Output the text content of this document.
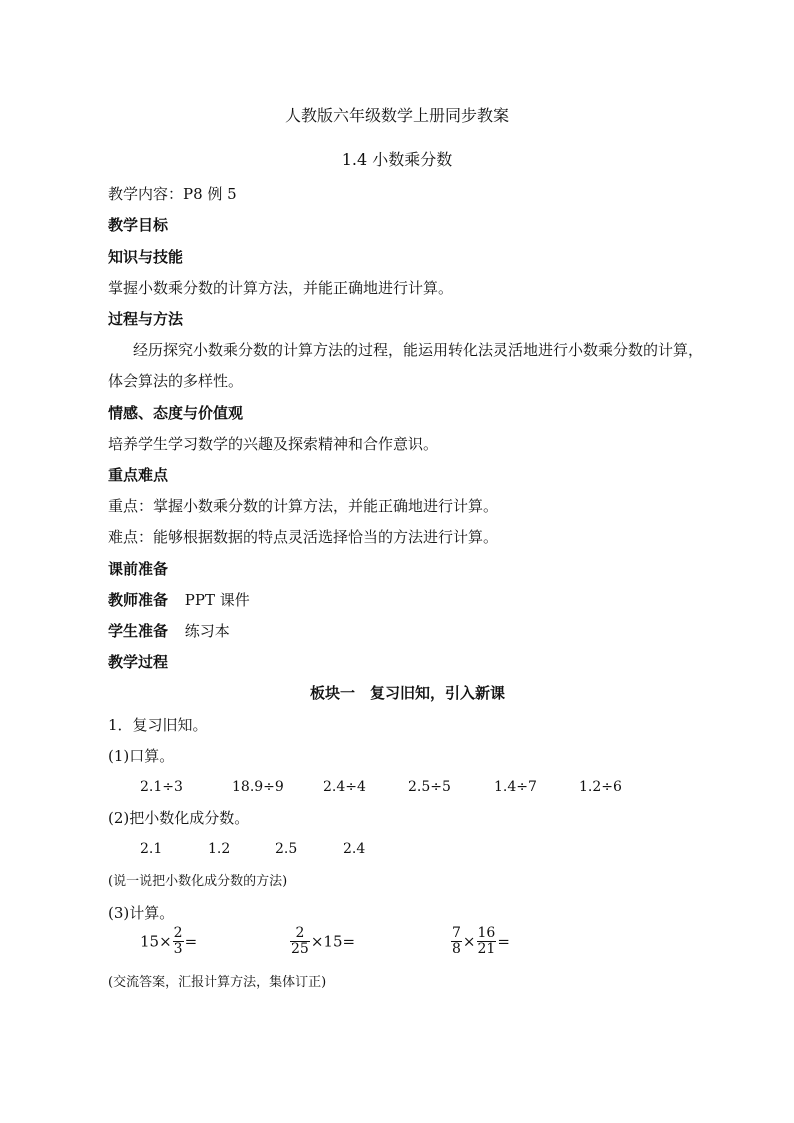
人教版六年级数学上册同步教案
1.4 小数乘分数
教学内容：P8 例 5
教学目标
知识与技能
掌握小数乘分数的计算方法，并能正确地进行计算。
过程与方法
经历探究小数乘分数的计算方法的过程，能运用转化法灵活地进行小数乘分数的计算，
体会算法的多样性。
情感、态度与价值观
培养学生学习数学的兴趣及探索精神和合作意识。
重点难点
重点：掌握小数乘分数的计算方法，并能正确地进行计算。
难点：能够根据数据的特点灵活选择恰当的方法进行计算。
课前准备
教师准备 PPT 课件
学生准备 练习本
教学过程
板块一　复习旧知，引入新课
1．复习旧知。
(1)口算。
2.1÷3	18.9÷9	2.4÷4	2.5÷5	1.4÷7	1.2÷6
(2)把小数化成分数。
2.1	1.2	2.5	2.4
(说一说把小数化成分数的方法)
(3)计算。
$15\times \frac{2}{3}$ =	$\frac{2}{25} \times 15=$	$\frac{7}{8} \times \frac{16}{21}$ =
(交流答案，汇报计算方法，集体订正)
